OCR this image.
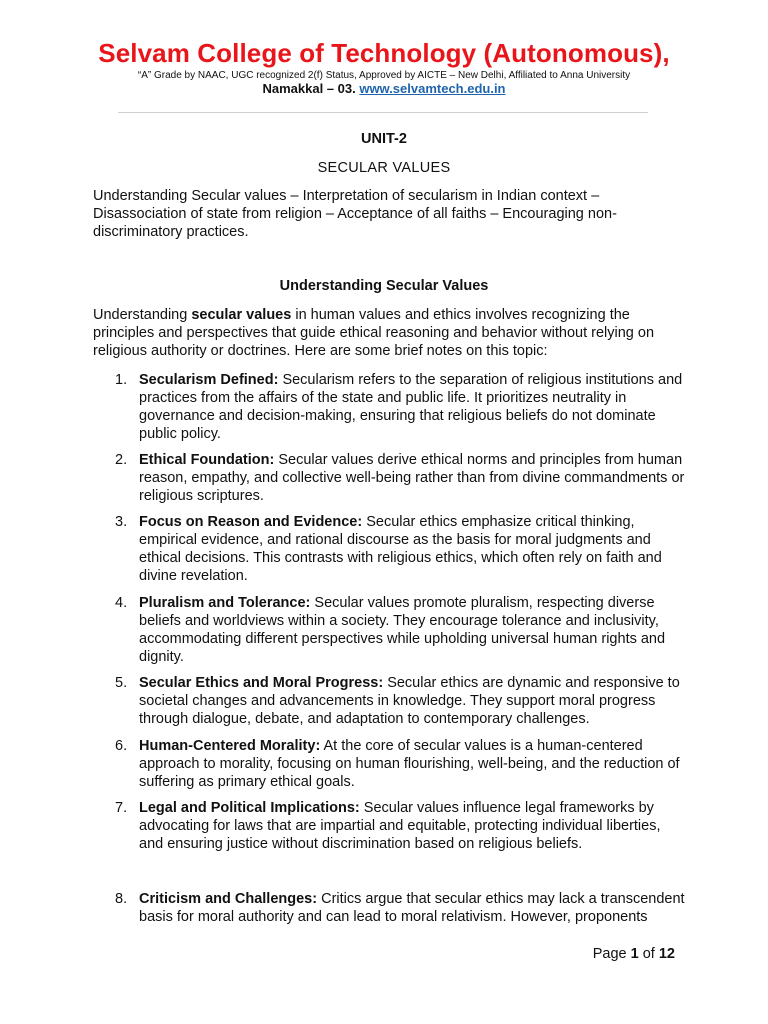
Selvam College of Technology (Autonomous),
“A” Grade by NAAC, UGC recognized 2(f) Status, Approved by AICTE – New Delhi, Affiliated to Anna University
Namakkal – 03. www.selvamtech.edu.in
UNIT-2
SECULAR VALUES
Understanding Secular values – Interpretation of secularism in Indian context – Disassociation of state from religion – Acceptance of all faiths – Encouraging non-discriminatory practices.
Understanding Secular Values
Understanding secular values in human values and ethics involves recognizing the principles and perspectives that guide ethical reasoning and behavior without relying on religious authority or doctrines. Here are some brief notes on this topic:
1. Secularism Defined: Secularism refers to the separation of religious institutions and practices from the affairs of the state and public life. It prioritizes neutrality in governance and decision-making, ensuring that religious beliefs do not dominate public policy.
2. Ethical Foundation: Secular values derive ethical norms and principles from human reason, empathy, and collective well-being rather than from divine commandments or religious scriptures.
3. Focus on Reason and Evidence: Secular ethics emphasize critical thinking, empirical evidence, and rational discourse as the basis for moral judgments and ethical decisions. This contrasts with religious ethics, which often rely on faith and divine revelation.
4. Pluralism and Tolerance: Secular values promote pluralism, respecting diverse beliefs and worldviews within a society. They encourage tolerance and inclusivity, accommodating different perspectives while upholding universal human rights and dignity.
5. Secular Ethics and Moral Progress: Secular ethics are dynamic and responsive to societal changes and advancements in knowledge. They support moral progress through dialogue, debate, and adaptation to contemporary challenges.
6. Human-Centered Morality: At the core of secular values is a human-centered approach to morality, focusing on human flourishing, well-being, and the reduction of suffering as primary ethical goals.
7. Legal and Political Implications: Secular values influence legal frameworks by advocating for laws that are impartial and equitable, protecting individual liberties, and ensuring justice without discrimination based on religious beliefs.
8. Criticism and Challenges: Critics argue that secular ethics may lack a transcendent basis for moral authority and can lead to moral relativism. However, proponents
Page 1 of 12
